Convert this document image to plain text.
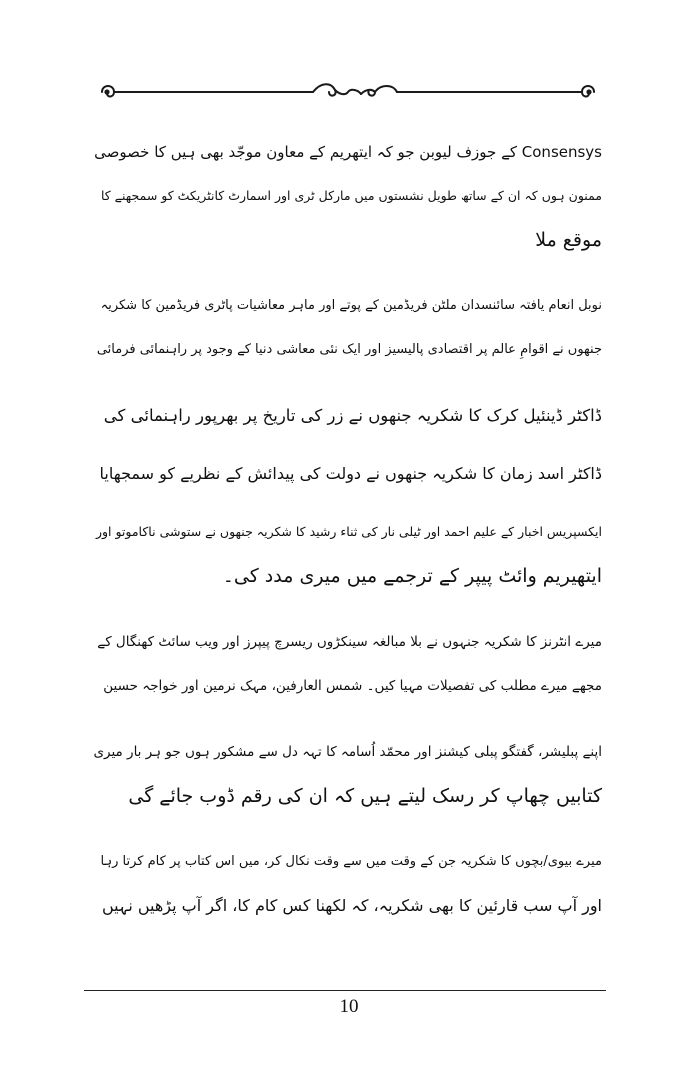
Consensys کے جوزف لیوبن جو کہ ایتھریم کے معاون موجّد بھی ہیں کا خصوصی
ممنون ہوں کہ ان کے ساتھ طویل نشستوں میں مارکل ٹری اور اسمارٹ کانٹریکٹ کو سمجھنے کا
موقع ملا

نوبل انعام یافتہ سائنسدان ملٹن فریڈمین کے پوتے اور ماہر معاشیات پاٹری فریڈمین کا شکریہ
جنھوں نے اقوامِ عالم پر اقتصادی پالیسیز اور ایک نئی معاشی دنیا کے وجود پر راہنمائی فرمائی

ڈاکٹر ڈینئیل کرک کا شکریہ جنھوں نے زر کی تاریخ پر بھرپور راہنمائی کی

ڈاکٹر اسد زمان کا شکریہ جنھوں نے دولت کی پیدائش کے نظریے کو سمجھایا

ایکسپریس اخبار کے علیم احمد اور ٹیلی نار کی ثناء رشید کا شکریہ جنھوں نے ستوشی ناکاموتو اور
ایتھیریم وائٹ پیپر کے ترجمے میں میری مدد کی۔

میرے انٹرنز کا شکریہ جنہوں نے بلا مبالغہ سینکڑوں ریسرچ پیپرز اور ویب سائٹ کھنگال کے
مجھے میرے مطلب کی تفصیلات مہیا کیں۔ شمس العارفین، مہک نرمین اور خواجہ حسین

اپنے پبلیشر، گفتگو پبلی کیشنز اور محمّد اُسامہ کا تہہ دل سے مشکور ہوں جو ہر بار میری
کتابیں چھاپ کر رسک لیتے ہیں کہ ان کی رقم ڈوب جائے گی

میرے بیوی/بچوں کا شکریہ جن کے وقت میں سے وقت نکال کر، میں اس کتاب پر کام کرتا رہا
اور آپ سب قارئین کا بھی شکریہ، کہ لکھنا کس کام کا، اگر آپ پڑھیں نہیں

10
